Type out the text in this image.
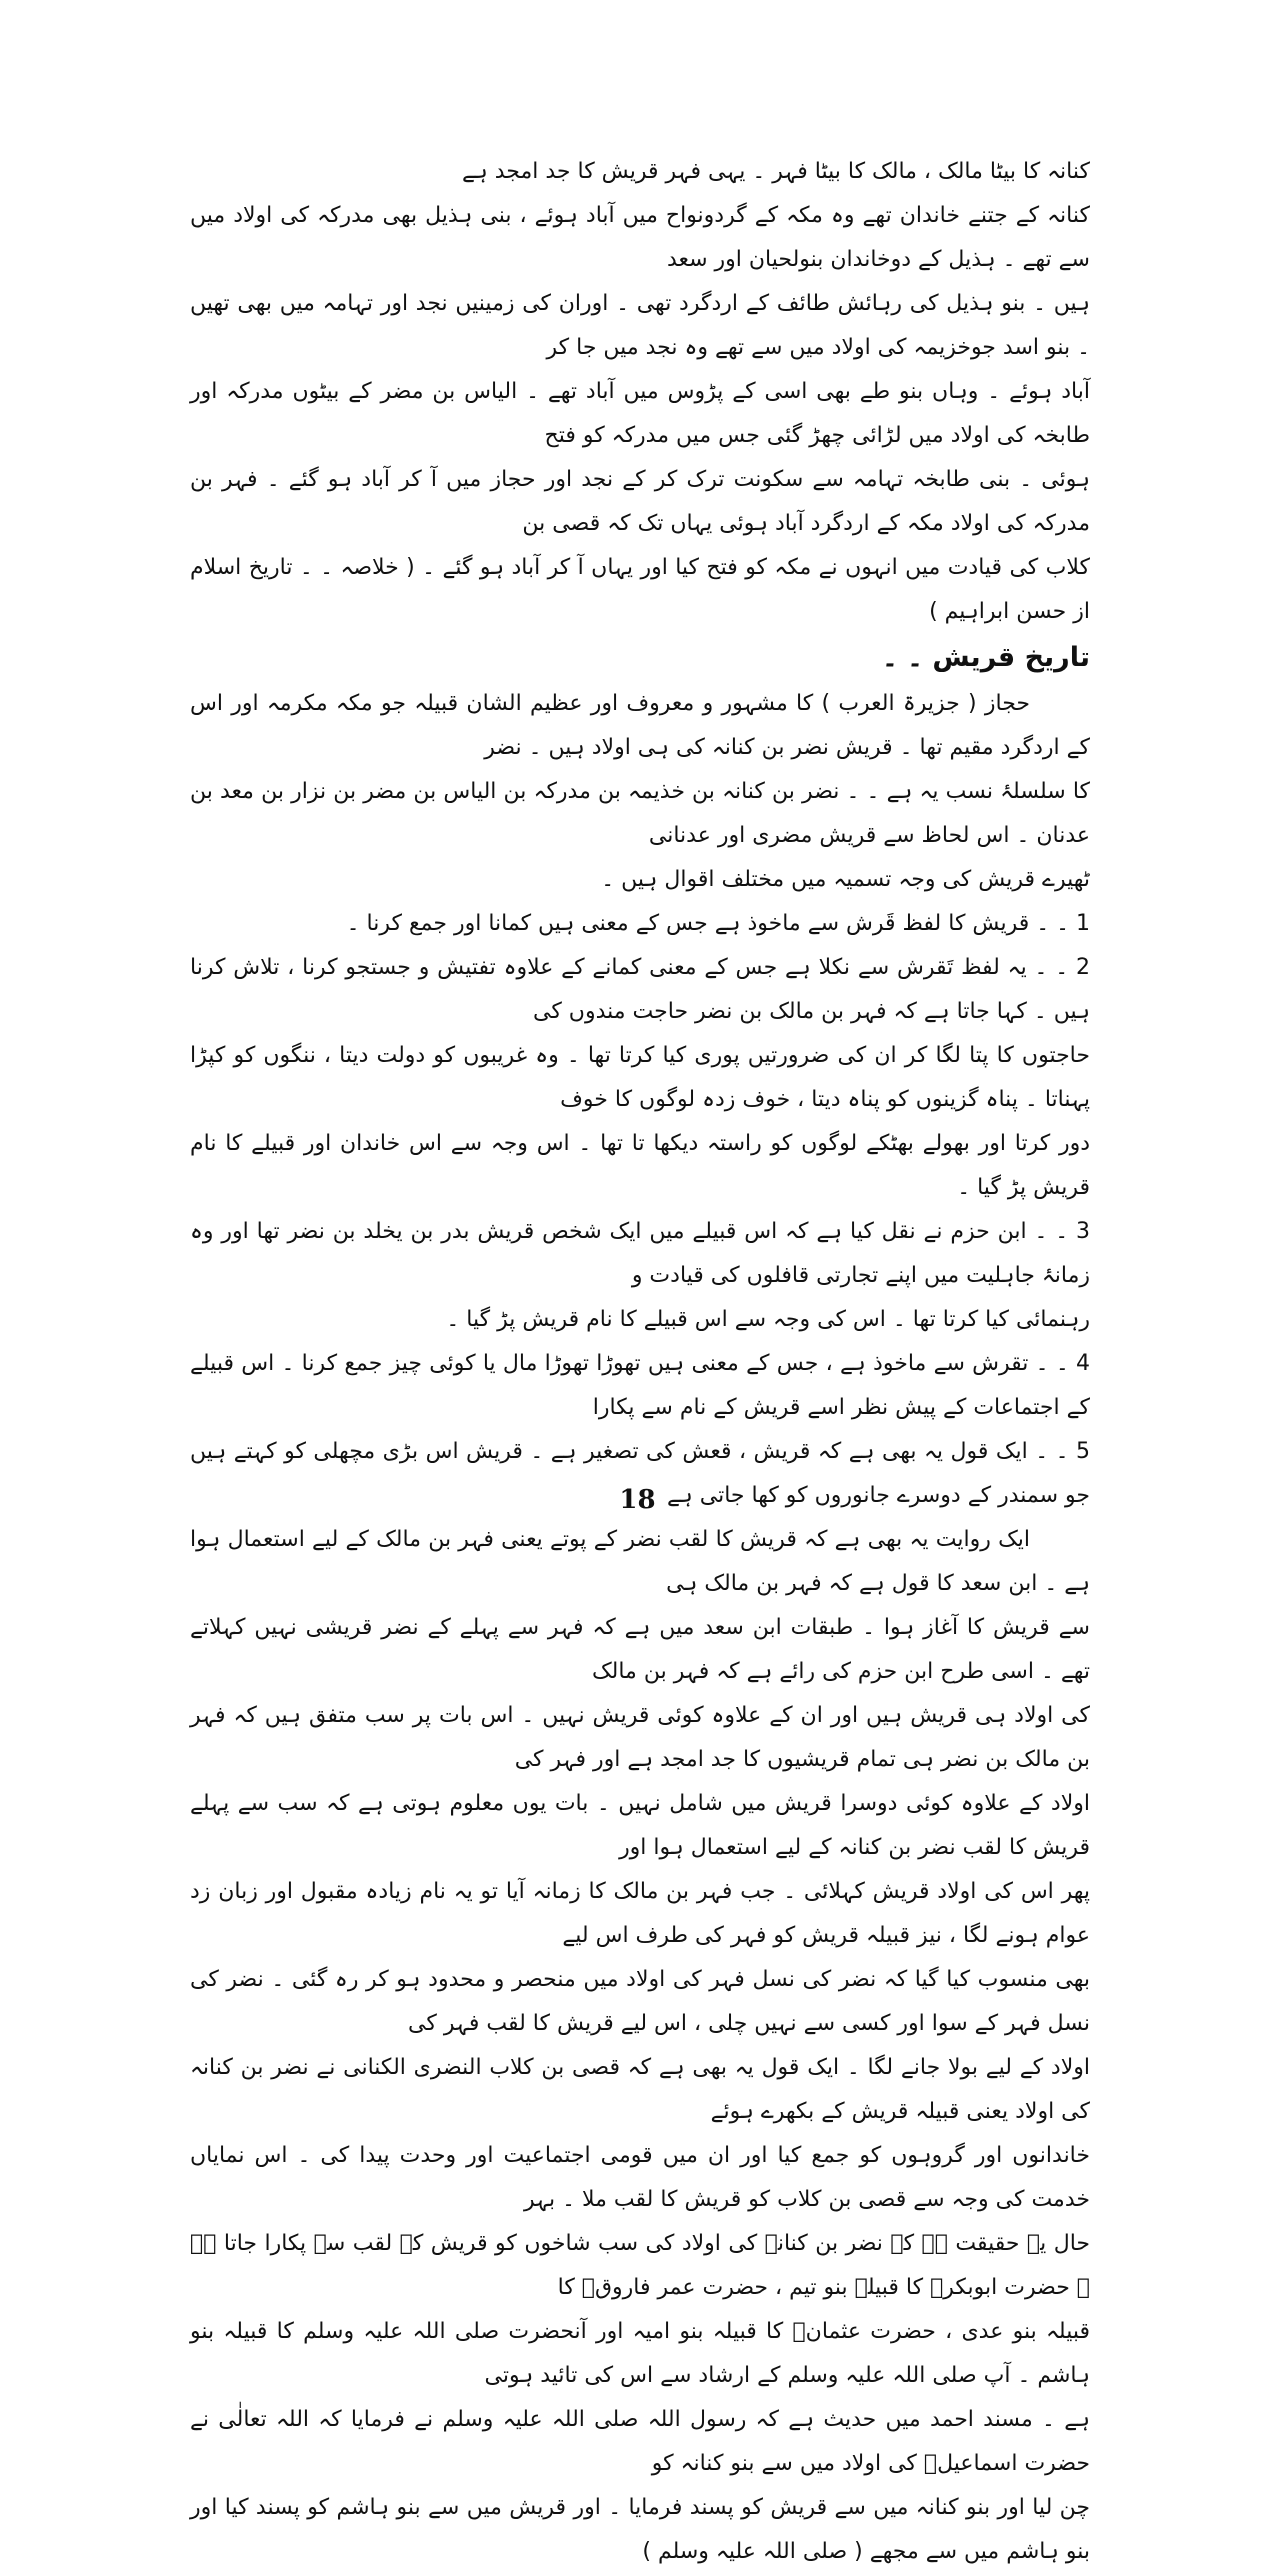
کنانہ کا بیٹا مالک ، مالک کا بیٹا فہر ۔ یہی فہر قریش کا جد امجد ہے

کنانہ کے جتنے خاندان تھے وہ مکہ کے گردونواح میں آباد ہوئے ، بنی ہذیل بھی مدرکہ کی اولاد میں سے تھے ۔ ہذیل کے دوخاندان بنولحیان اور سعد

ہیں ۔ بنو ہذیل کی رہائش طائف کے اردگرد تھی ۔ اوران کی زمینیں نجد اور تہامہ میں بھی تھیں ۔ بنو اسد جوخزیمہ کی اولاد میں سے تھے وہ نجد میں جا کر

آباد ہوئے ۔ وہاں بنو طے بھی اسی کے پڑوس میں آباد تھے ۔ الیاس بن مضر کے بیٹوں مدرکہ اور طابخہ کی اولاد میں لڑائی چھڑ گئی جس میں مدرکہ کو فتح

ہوئی ۔ بنی طابخہ تہامہ سے سکونت ترک کر کے نجد اور حجاز میں آ کر آباد ہو گئے ۔ فہر بن مدرکہ کی اولاد مکہ کے اردگرد آباد ہوئی یہاں تک کہ قصی بن

کلاب کی قیادت میں انہوں نے مکہ کو فتح کیا اور یہاں آ کر آباد ہو گئے ۔ ( خلاصہ ۔ ۔ تاریخ اسلام از حسن ابراہیم )

تاریخ قریش ۔ ۔

حجاز ( جزیرۃ العرب ) کا مشہور و معروف اور عظیم الشان قبیلہ جو مکہ مکرمہ اور اس کے اردگرد مقیم تھا ۔ قریش نضر بن کنانہ کی ہی اولاد ہیں ۔ نضر

کا سلسلۂ نسب یہ ہے ۔ ۔ نضر بن کنانہ بن خذیمہ بن مدرکہ بن الیاس بن مضر بن نزار بن معد بن عدنان ۔ اس لحاظ سے قریش مضری اور عدنانی

ٹھیرے قریش کی وجہ تسمیہ میں مختلف اقوال ہیں ۔

1 ۔ ۔ قریش کا لفظ قَرش سے ماخوذ ہے جس کے معنی ہیں کمانا اور جمع کرنا ۔

2 ۔ ۔ یہ لفظ تَقرش سے نکلا ہے جس کے معنی کمانے کے علاوہ تفتیش و جستجو کرنا ، تلاش کرنا ہیں ۔ کہا جاتا ہے کہ فہر بن مالک بن نضر حاجت مندوں کی

حاجتوں کا پتا لگا کر ان کی ضرورتیں پوری کیا کرتا تھا ۔ وہ غریبوں کو دولت دیتا ، ننگوں کو کپڑا پہناتا ۔ پناہ گزینوں کو پناہ دیتا ، خوف زدہ لوگوں کا خوف

دور کرتا اور بھولے بھٹکے لوگوں کو راستہ دیکھا تا تھا ۔ اس وجہ سے اس خاندان اور قبیلے کا نام قریش پڑ گیا ۔

3 ۔ ۔ ابن حزم نے نقل کیا ہے کہ اس قبیلے میں ایک شخص قریش بدر بن یخلد بن نضر تھا اور وہ زمانۂ جاہلیت میں اپنے تجارتی قافلوں کی قیادت و

رہنمائی کیا کرتا تھا ۔ اس کی وجہ سے اس قبیلے کا نام قریش پڑ گیا ۔

4 ۔ ۔ تقرش سے ماخوذ ہے ، جس کے معنی ہیں تھوڑا تھوڑا مال یا کوئی چیز جمع کرنا ۔ اس قبیلے کے اجتماعات کے پیش نظر اسے قریش کے نام سے پکارا

5 ۔ ۔ ایک قول یہ بھی ہے کہ قریش ، قعش کی تصغیر ہے ۔ قریش اس بڑی مچھلی کو کہتے ہیں جو سمندر کے دوسرے جانوروں کو کھا جاتی ہے

ایک روایت یہ بھی ہے کہ قریش کا لقب نضر کے پوتے یعنی فہر بن مالک کے لیے استعمال ہوا ہے ۔ ابن سعد کا قول ہے کہ فہر بن مالک ہی

سے قریش کا آغاز ہوا ۔ طبقات ابن سعد میں ہے کہ فہر سے پہلے کے نضر قریشی نہیں کہلاتے تھے ۔ اسی طرح ابن حزم کی رائے ہے کہ فہر بن مالک

کی اولاد ہی قریش ہیں اور ان کے علاوہ کوئی قریش نہیں ۔ اس بات پر سب متفق ہیں کہ فہر بن مالک بن نضر ہی تمام قریشیوں کا جد امجد ہے اور فہر کی

اولاد کے علاوہ کوئی دوسرا قریش میں شامل نہیں ۔ بات یوں معلوم ہوتی ہے کہ سب سے پہلے قریش کا لقب نضر بن کنانہ کے لیے استعمال ہوا اور

پھر اس کی اولاد قریش کہلائی ۔ جب فہر بن مالک کا زمانہ آیا تو یہ نام زیادہ مقبول اور زبان زد عوام ہونے لگا ، نیز قبیلہ قریش کو فہر کی طرف اس لیے

بھی منسوب کیا گیا کہ نضر کی نسل فہر کی اولاد میں منحصر و محدود ہو کر رہ گئی ۔ نضر کی نسل فہر کے سوا اور کسی سے نہیں چلی ، اس لیے قریش کا لقب فہر کی

اولاد کے لیے بولا جانے لگا ۔ ایک قول یہ بھی ہے کہ قصی بن کلاب النضری الکنانی نے نضر بن کنانہ کی اولاد یعنی قبیلہ قریش کے بکھرے ہوئے

خاندانوں اور گروہوں کو جمع کیا اور ان میں قومی اجتماعیت اور وحدت پیدا کی ۔ اس نمایاں خدمت کی وجہ سے قصی بن کلاب کو قریش کا لقب ملا ۔ بہر

حال یہ حقیقت ہے کہ نضر بن کنانہ کی اولاد کی سب شاخوں کو قریش کے لقب سے پکارا جاتا ہے ۔ حضرت ابوبکرؓ کا قبیلہ بنو تیم ، حضرت عمر فاروقؓ کا

قبیلہ بنو عدی ، حضرت عثمانؓ کا قبیلہ بنو امیہ اور آنحضرت صلی اللہ علیہ وسلم کا قبیلہ بنو ہاشم ۔ آپ صلی اللہ علیہ وسلم کے ارشاد سے اس کی تائید ہوتی

ہے ۔ مسند احمد میں حدیث ہے کہ رسول اللہ صلی اللہ علیہ وسلم نے فرمایا کہ اللہ تعالٰی نے حضرت اسماعیلؑ کی اولاد میں سے بنو کنانہ کو

چن لیا اور بنو کنانہ میں سے قریش کو پسند فرمایا ۔ اور قریش میں سے بنو ہاشم کو پسند کیا اور بنو ہاشم میں سے مجھے ( صلی اللہ علیہ وسلم )

18
